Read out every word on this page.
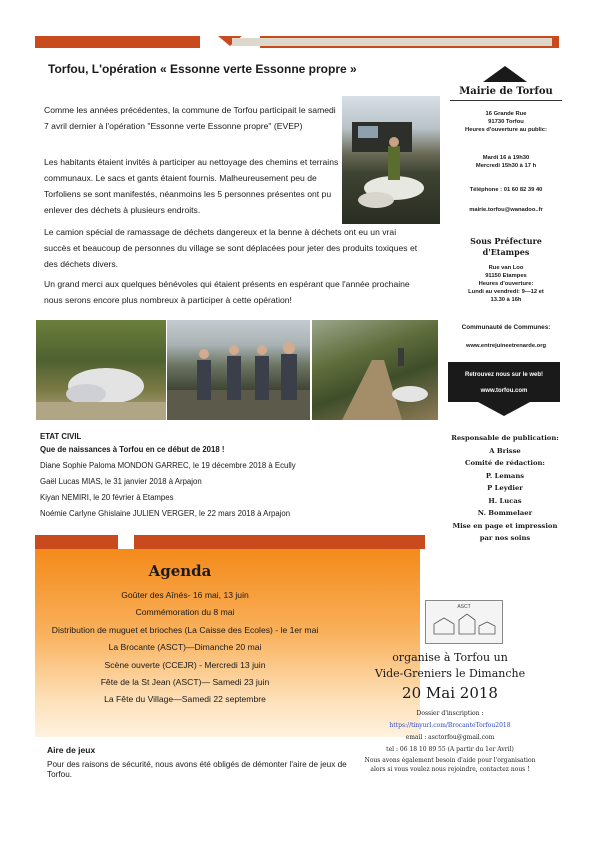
Torfou, L'opération « Essonne verte Essonne propre »
Comme les années précédentes, la commune de Torfou participait le samedi 7 avril dernier à l'opération "Essonne verte Essonne propre" (EVEP)
Les habitants étaient invités à participer au nettoyage des chemins et terrains communaux. Le sacs et gants étaient fournis. Malheureusement peu de Torfoliens se sont manifestés, néanmoins les 5 personnes présentes ont pu enlever des déchets à plusieurs endroits.
Le camion spécial de ramassage de déchets dangereux et la benne à déchets ont eu un vrai succès et beaucoup de personnes du village se sont déplacées pour jeter des produits toxiques et des déchets divers.
Un grand merci aux quelques bénévoles qui étaient présents en espérant que l'année prochaine nous serons encore plus nombreux à participer à cette opération!
Mairie de Torfou
16 Grande Rue
91730 Torfou
Heures d'ouverture au public:
Mardi 16 à 19h30
Mercredi 15h30 à 17 h
Téléphone : 01 60 82 39 40
mairie.torfou@wanadoo..fr
Sous Préfecture d'Etampes
Rue van Loo
91150 Etampes
Heures d'ouverture:
Lundi au vendredi: 9—12 et
13.30 à 16h
Communauté de Communes:
www.entrejuineetrenarde.org
Retrouvez nous sur le web!
www.torfou.com
Responsable de publication:
A Brisse
Comité de rédaction:
P. Lemans
P Leydier
H. Lucas
N. Bommelaer
Mise en page et impression
par nos soins
ETAT CIVIL
Que de naissances à Torfou en ce début de 2018 !
Diane Sophie Paloma MONDON GARREC, le 19 décembre 2018 à Ecully
Gaël Lucas MIAS, le 31 janvier 2018 à Arpajon
Kiyan NEMIRI, le 20 février à Etampes
Noémie Carlyne Ghislaine JULIEN VERGER, le 22 mars 2018 à Arpajon
Agenda
Goûter des Aînés- 16 mai, 13 juin
Commémoration du 8 mai
Distribution de muguet et brioches (La Caisse des Ecoles) - le 1er mai
La Brocante (ASCT)—Dimanche 20 mai
Scène ouverte (CCEJR) - Mercredi 13 juin
Fête de la St Jean (ASCT)— Samedi 23 juin
La Fête du Village—Samedi 22 septembre
Aire de jeux
Pour des raisons de sécurité, nous avons été obligés de démonter l'aire de jeux de Torfou.
ASCT
organise à Torfou un
Vide-Greniers le Dimanche
20 Mai 2018
Dossier d'inscription :
https://tinyurl.com/BrocanteTorfou2018
email : asctorfou@gmail.com
tel : 06 18 10 89 55 (A partir du 1er Avril)
Nous avons également besoin d'aide pour l'organisation alors si vous voulez nous rejoindre, contactez nous !
